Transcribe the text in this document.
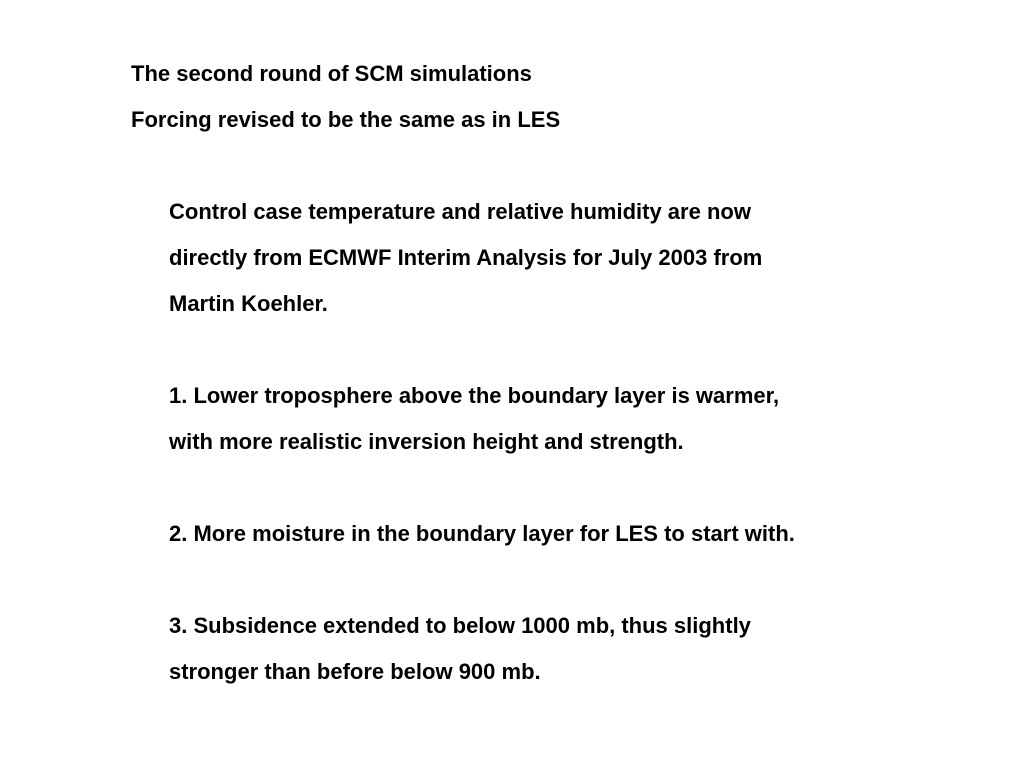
The second round of SCM simulations

Forcing revised to be the same as in LES

Control case temperature and relative humidity are now

directly from ECMWF Interim Analysis for July 2003 from

Martin Koehler.

1. Lower troposphere above the boundary layer is warmer,

with more realistic inversion height and strength.

2. More moisture in the boundary layer for LES to start with.

3. Subsidence extended to below 1000 mb, thus slightly

stronger than before below 900 mb.
